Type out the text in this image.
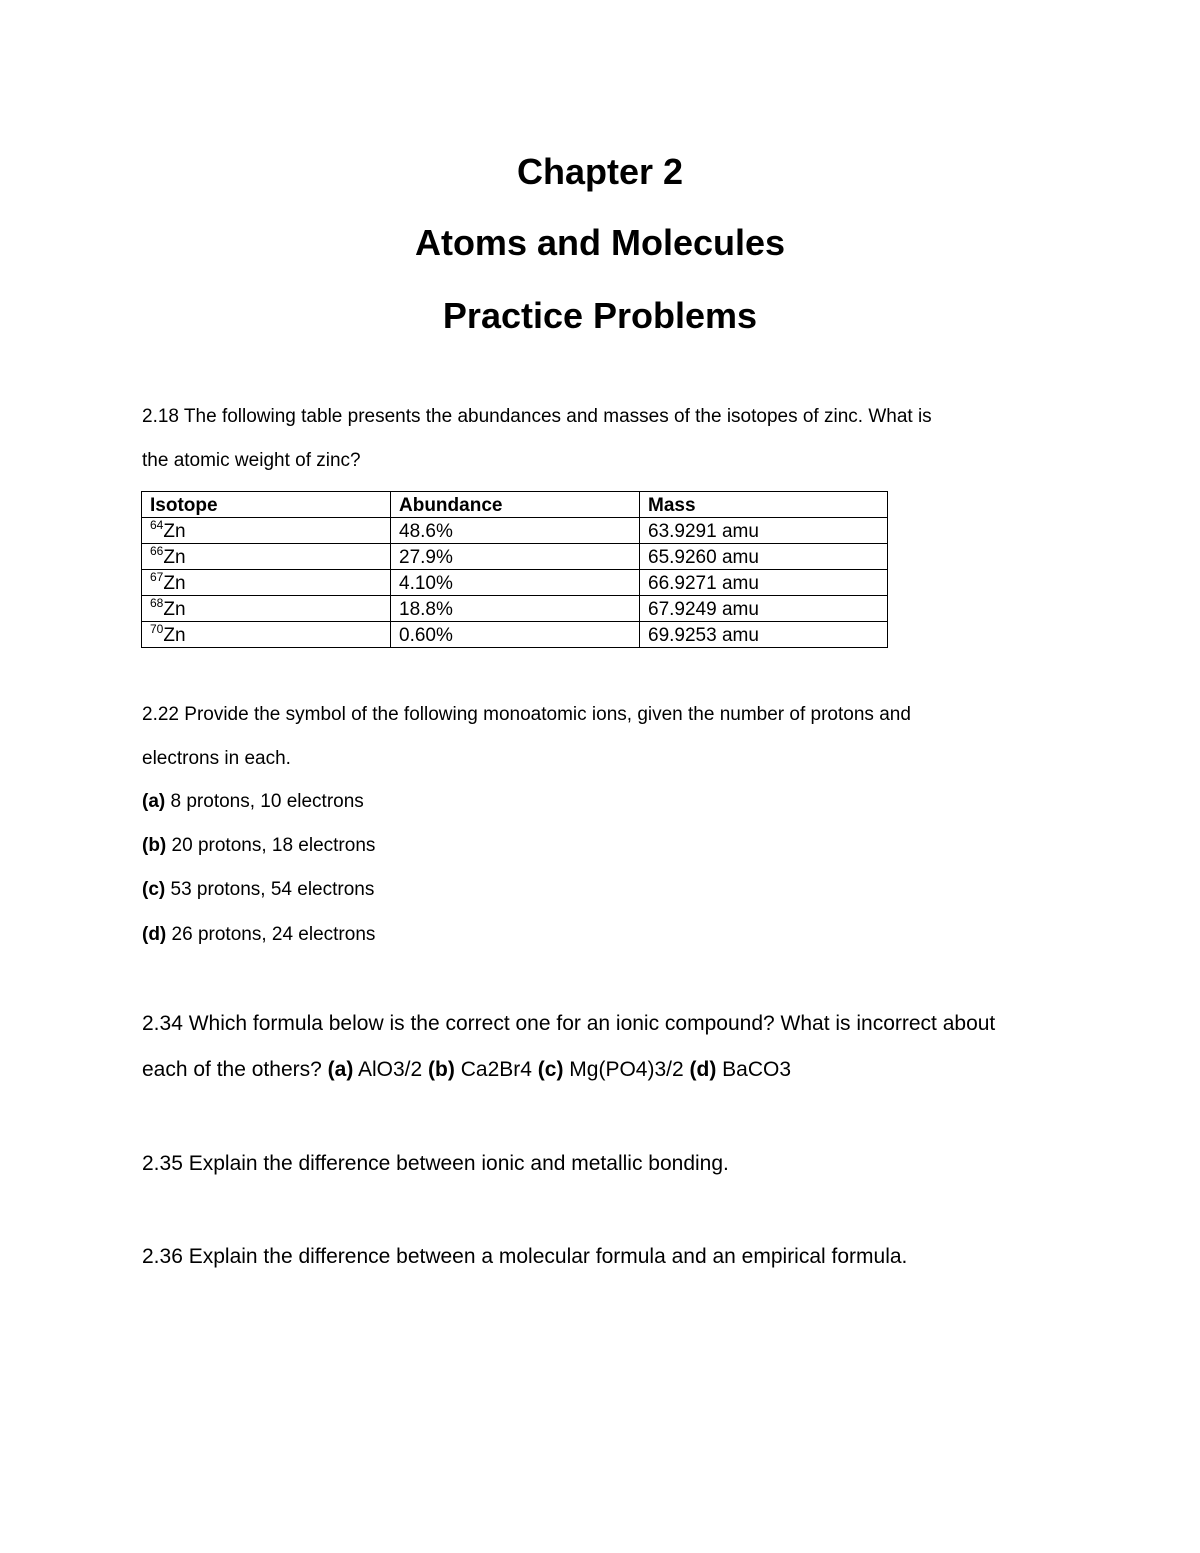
Chapter 2
Atoms and Molecules
Practice Problems
2.18 The following table presents the abundances and masses of the isotopes of zinc. What is
the atomic weight of zinc?
Isotope	Abundance	Mass
$^{64}$Zn	48.6%	63.9291 amu
$^{66}$Zn	27.9%	65.9260 amu
$^{67}$Zn	4.10%	66.9271 amu
$^{68}$Zn	18.8%	67.9249 amu
$^{70}$Zn	0.60%	69.9253 amu
2.22 Provide the symbol of the following monoatomic ions, given the number of protons and
electrons in each.
(a) 8 protons, 10 electrons
(b) 20 protons, 18 electrons
(c) 53 protons, 54 electrons
(d) 26 protons, 24 electrons
2.34 Which formula below is the correct one for an ionic compound? What is incorrect about
each of the others? (a) AlO3/2 (b) Ca2Br4 (c) Mg(PO4)3/2 (d) BaCO3
2.35 Explain the difference between ionic and metallic bonding.
2.36 Explain the difference between a molecular formula and an empirical formula.
